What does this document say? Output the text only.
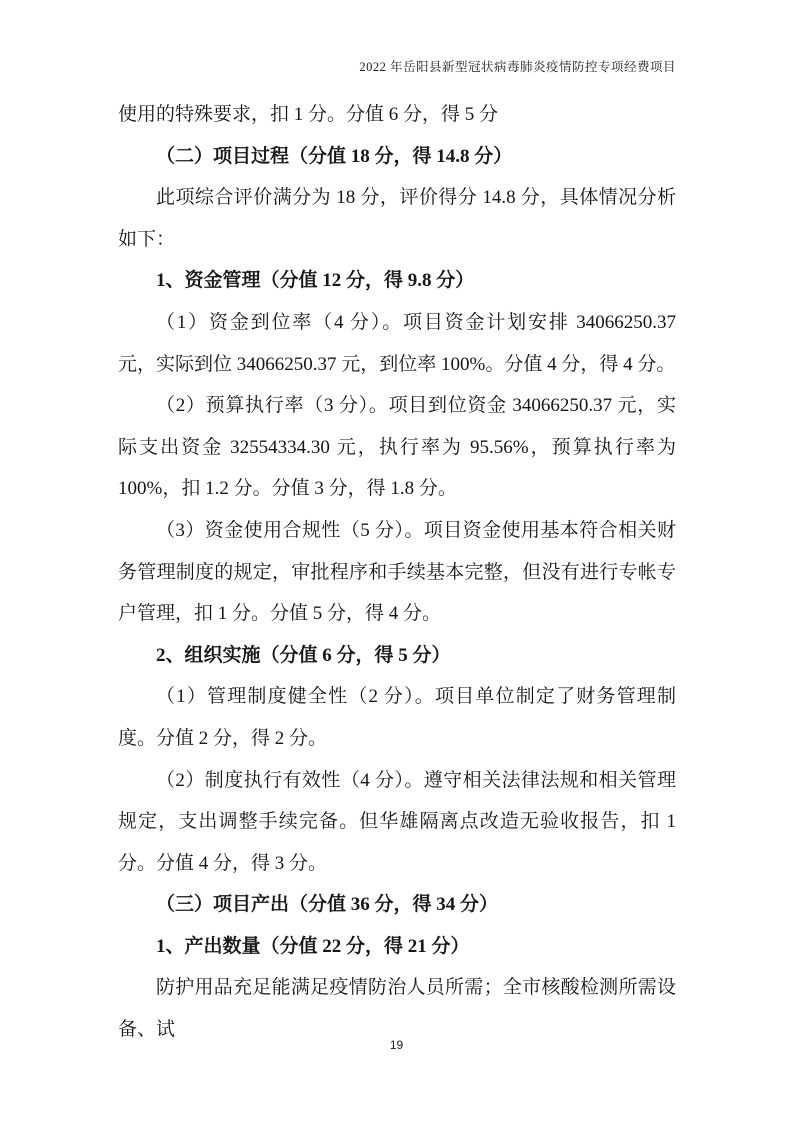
2022 年岳阳县新型冠状病毒肺炎疫情防控专项经费项目

使用的特殊要求，扣 1 分。分值 6 分，得 5 分

（二）项目过程（分值 18 分，得 14.8 分）

此项综合评价满分为 18 分，评价得分 14.8 分，具体情况分析如下：

1、资金管理（分值 12 分，得 9.8 分）

（1）资金到位率（4 分）。项目资金计划安排 34066250.37 元，实际到位 34066250.37 元，到位率 100%。分值 4 分，得 4 分。

（2）预算执行率（3 分）。项目到位资金 34066250.37 元，实际支出资金 32554334.30 元，执行率为 95.56%，预算执行率为 100%，扣 1.2 分。分值 3 分，得 1.8 分。

（3）资金使用合规性（5 分）。项目资金使用基本符合相关财务管理制度的规定，审批程序和手续基本完整，但没有进行专帐专户管理，扣 1 分。分值 5 分，得 4 分。

2、组织实施（分值 6 分，得 5 分）

（1）管理制度健全性（2 分）。项目单位制定了财务管理制度。分值 2 分，得 2 分。

（2）制度执行有效性（4 分）。遵守相关法律法规和相关管理规定，支出调整手续完备。但华雄隔离点改造无验收报告，扣 1 分。分值 4 分，得 3 分。

（三）项目产出（分值 36 分，得 34 分）

1、产出数量（分值 22 分，得 21 分）

防护用品充足能满足疫情防治人员所需；全市核酸检测所需设备、试

19
